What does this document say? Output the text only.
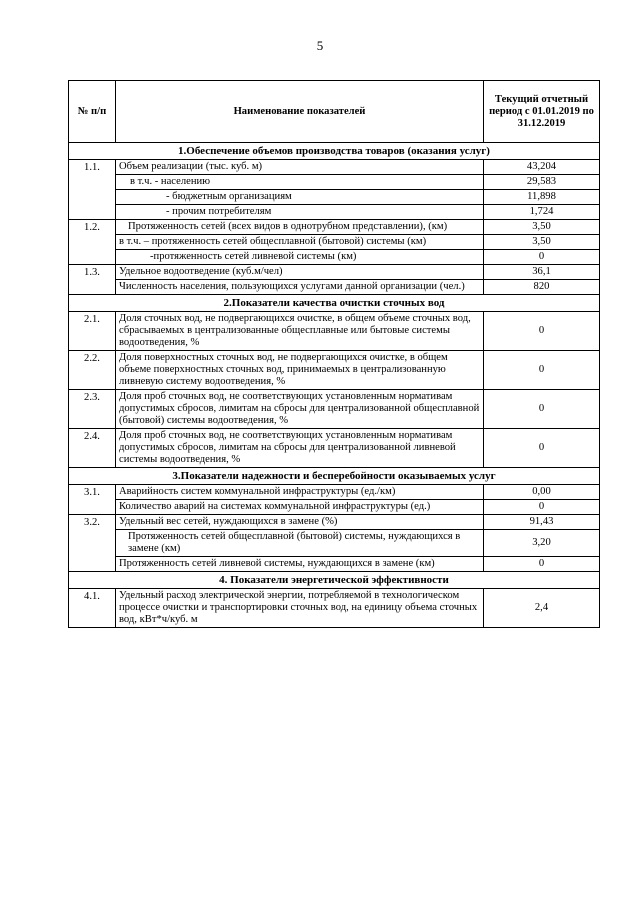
5
№ п/п	Наименование показателей	Текущий отчетный период с 01.01.2019 по 31.12.2019
1.Обеспечение объемов производства товаров (оказания услуг)		
1.1.	Объем реализации (тыс. куб. м)	43,204
	в т.ч. - населению	29,583
	- бюджетным организациям	11,898
	- прочим потребителям	1,724
1.2.	Протяженность сетей (всех видов в однотрубном представлении), (км)	3,50
	в т.ч. – протяженность сетей общесплавной (бытовой) системы (км)	3,50
	-протяженность сетей ливневой системы (км)	0
1.3.	Удельное водоотведение (куб.м/чел)	36,1
	Численность населения, пользующихся услугами данной организации (чел.)	820
2.Показатели качества очистки сточных вод		
2.1.	Доля сточных вод, не подвергающихся очистке, в общем объеме сточных вод, сбрасываемых в централизованные общесплавные или бытовые системы водоотведения, %	0
2.2.	Доля поверхностных сточных вод, не подвергающихся очистке, в общем объеме поверхностных сточных вод, принимаемых в централизованную ливневую систему водоотведения, %	0
2.3.	Доля проб сточных вод, не соответствующих установленным нормативам допустимых сбросов, лимитам на сбросы для централизованной общесплавной (бытовой) системы водоотведения, %	0
2.4.	Доля проб сточных вод, не соответствующих установленным нормативам допустимых сбросов, лимитам на сбросы для централизованной ливневой системы водоотведения, %	0
3.Показатели надежности и бесперебойности оказываемых услуг		
3.1.	Аварийность систем коммунальной инфраструктуры (ед./км)	0,00
	Количество аварий на системах коммунальной инфраструктуры (ед.)	0
3.2.	Удельный вес сетей, нуждающихся в замене (%)	91,43
	Протяженность сетей общесплавной (бытовой) системы, нуждающихся в замене (км)	3,20
	Протяженность сетей ливневой системы, нуждающихся в замене (км)	0
4. Показатели энергетической эффективности		
4.1.	Удельный расход электрической энергии, потребляемой в технологическом процессе очистки и транспортировки сточных вод, на единицу объема сточных вод, кВт*ч/куб. м	2,4
